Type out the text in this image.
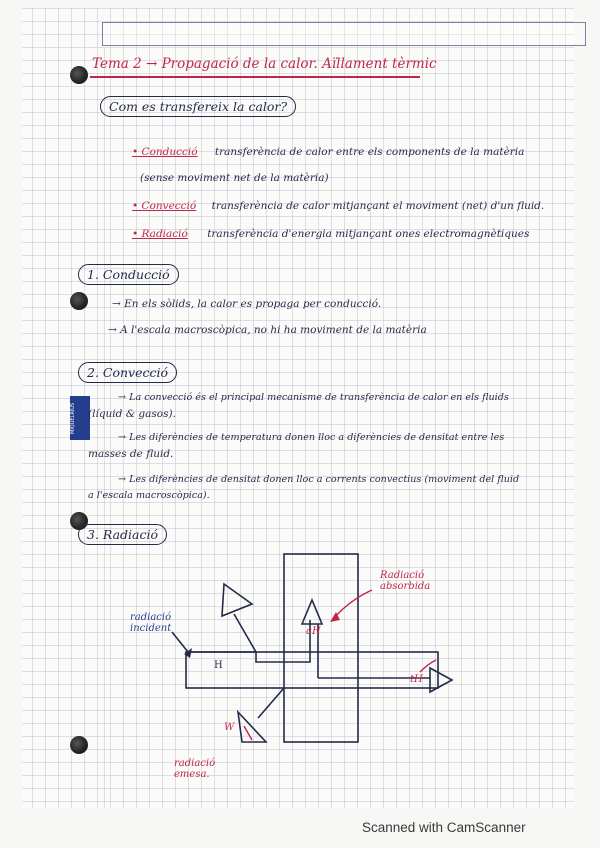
MIQUELRIUS
Tema 2 → Propagació de la calor. Aïllament tèrmic
Com es transfereix la calor?
• Conducció transferència de calor entre els components de la matèria
(sense moviment net de la matèria)
• Convecció transferència de calor mitjançant el moviment (net) d'un fluid.
• Radiació transferència d'energia mitjançant ones electromagnètiques
1. Conducció
→ En els sòlids, la calor es propaga per conducció.
→ A l'escala macroscòpica, no hi ha moviment de la matèria
2. Convecció
→ La convecció és el principal mecanisme de transferència de calor en els fluids
(líquid & gasos).
→ Les diferències de temperatura donen lloc a diferències de densitat entre les
masses de fluid.
→ Les diferències de densitat donen lloc a corrents convectius (moviment del fluid
a l'escala macroscòpica).
3. Radiació
radiació
incident
Radiació
absorbida
radiació
emesa.
H
aH
W
tH
Scanned with CamScanner
